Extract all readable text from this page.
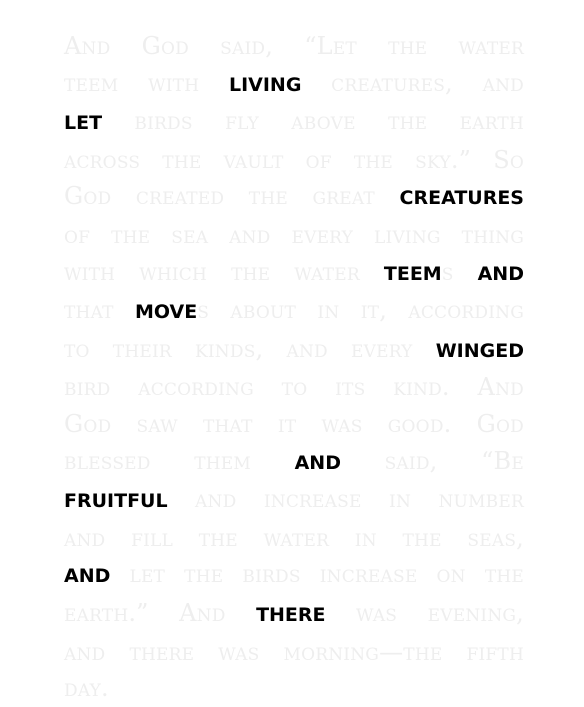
And God said, “Let the water
teem with LIVING creatures, and
LET birds fly above the earth
across the vault of the sky.” So
God created the great CREATURES
of the sea and every living thing
with which the water TEEMs AND
that MOVEs about in it, according
to their kinds, and every WINGED
bird according to its kind. And
God saw that it was good. God
blessed them AND said, “Be
FRUITFUL and increase in number
and fill the water in the seas,
AND let the birds increase on the
earth.” And THERE was evening,
and there was morning—the fifth
day.
